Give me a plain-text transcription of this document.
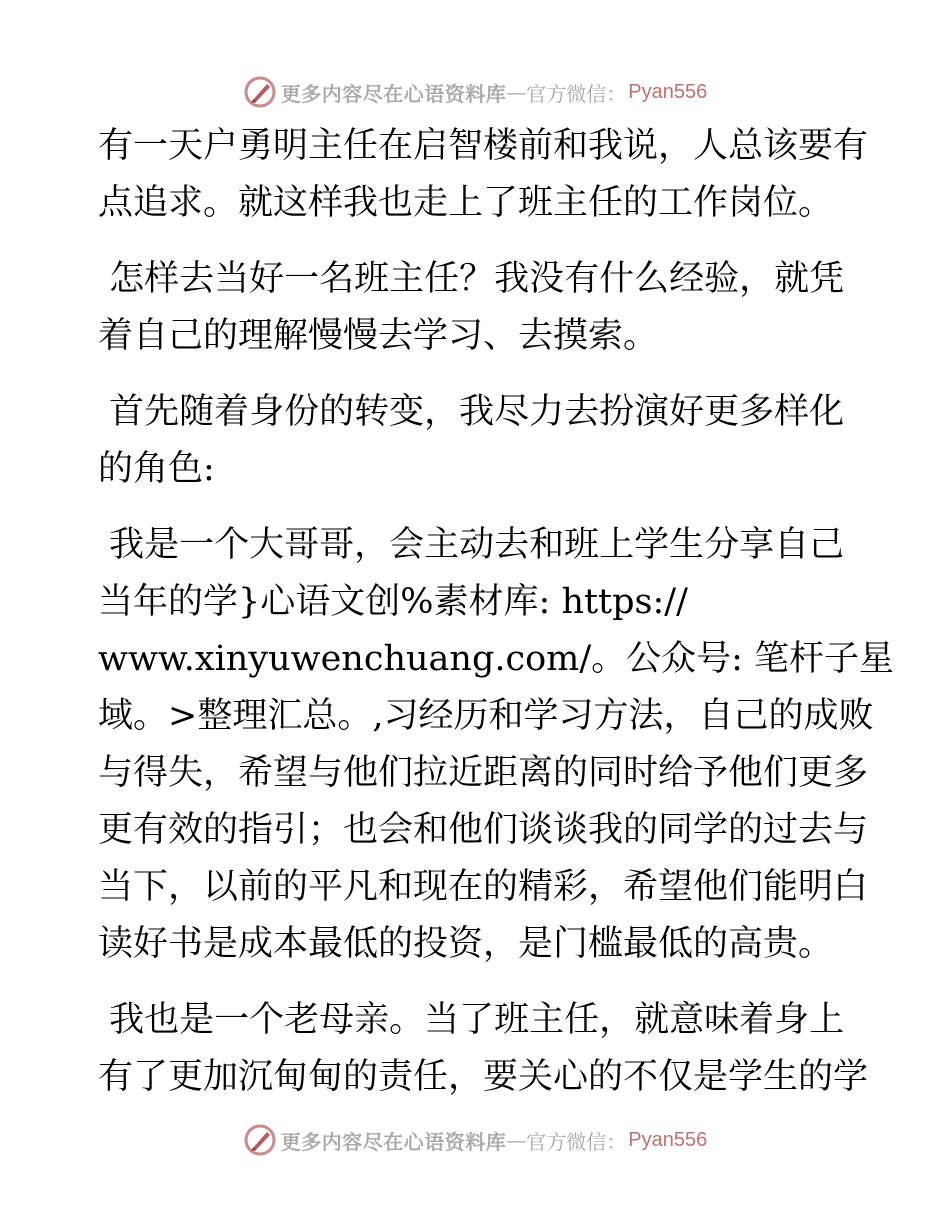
更多内容尽在心语资料库 — 官方微信： Pyan556

有一天户勇明主任在启智楼前和我说，人总该要有
点追求。就这样我也走上了班主任的工作岗位。

怎样去当好一名班主任？我没有什么经验，就凭
着自己的理解慢慢去学习、去摸索。

首先随着身份的转变，我尽力去扮演好更多样化
的角色:

我是一个大哥哥，会主动去和班上学生分享自己
当年的学}心语文创%素材库: https://
www.xinyuwenchuang.com/。公众号: 笔杆子星
域。>整理汇总。,习经历和学习方法，自己的成败
与得失，希望与他们拉近距离的同时给予他们更多
更有效的指引；也会和他们谈谈我的同学的过去与
当下，以前的平凡和现在的精彩，希望他们能明白
读好书是成本最低的投资，是门槛最低的高贵。

我也是一个老母亲。当了班主任，就意味着身上
有了更加沉甸甸的责任，要关心的不仅是学生的学

更多内容尽在心语资料库 — 官方微信： Pyan556
